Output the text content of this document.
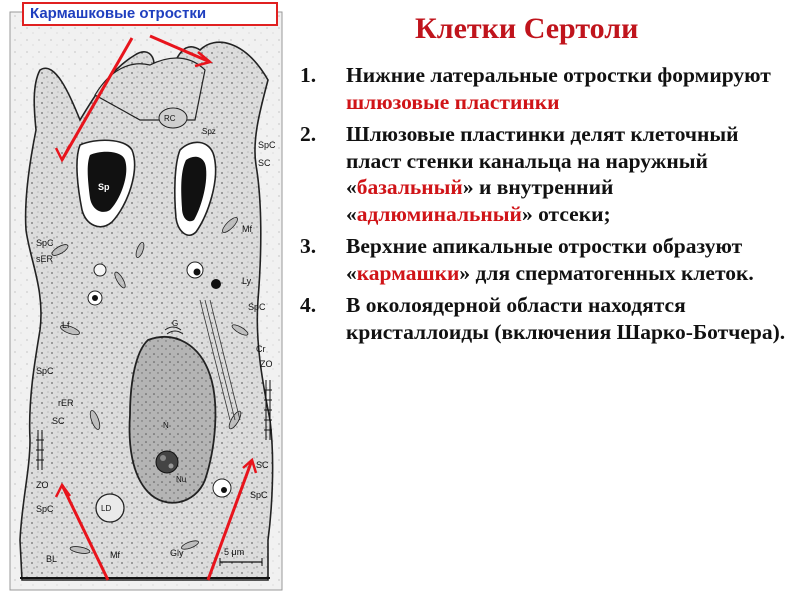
Sp
Spz
RC
N
Nu
G
LD
5 μm
SpC
SC
Mf
Ly
SpC
Cr
ZO
SC
SpC
SpC
sER
Lf
SpC
rER
SC
ZO
SpC
BL	Mf	Gly
Кармашковые отростки	Клетки Сертоли
1. Нижние латеральные отростки формируют шлюзовые пластинки
2. Шлюзовые пластинки делят клеточный пласт стенки канальца на наружный «базальный» и внутренний «адлюминальный» отсеки;
3. Верхние апикальные отростки образуют «кармашки» для сперматогенных клеток.
4. В околоядерной области находятся кристаллоиды (включения Шарко-Ботчера).
